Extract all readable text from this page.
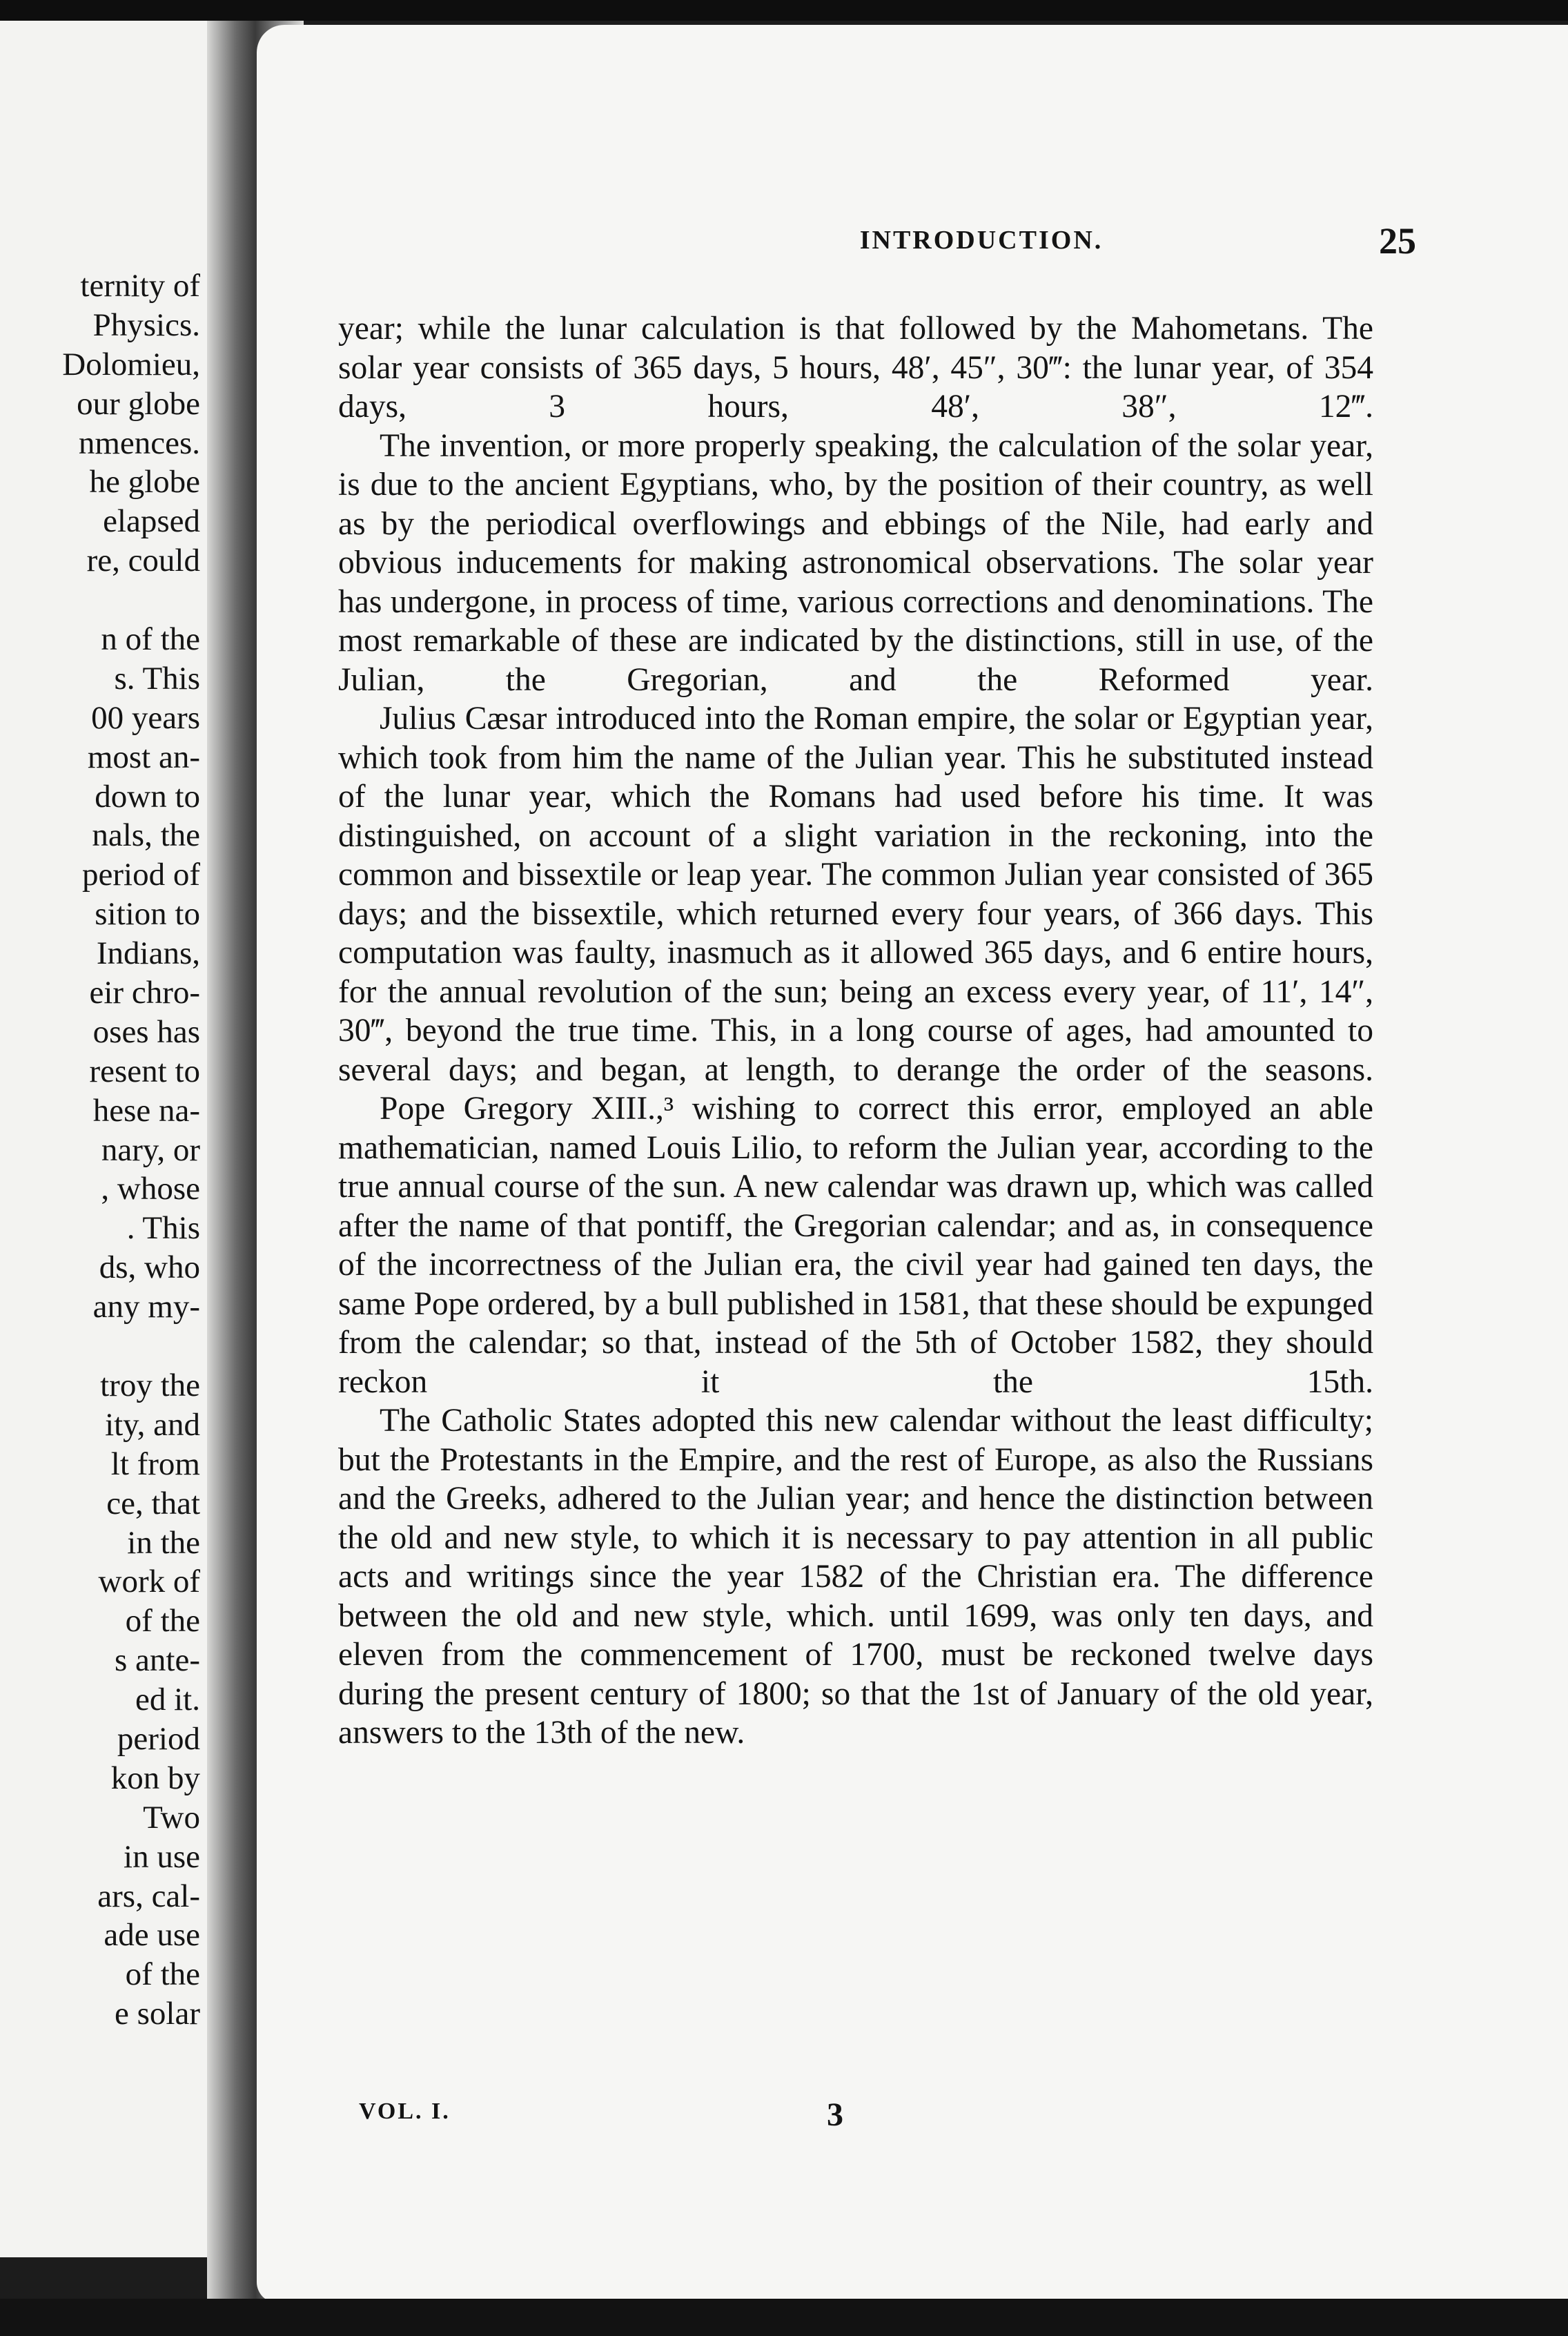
ternity of
Physics.
Dolomieu,
our globe
nmences.
he globe
elapsed
re, could
n of the
s. This
00 years
most an-
down to
nals, the
period of
sition to
Indians,
eir chro-
oses has
resent to
hese na-
nary, or
, whose
. This
ds, who
any my-
troy the
ity, and
lt from
ce, that
in the
work of
of the
s ante-
ed it.
period
kon by
Two
in use
ars, cal-
ade use
of the
e solar
INTRODUCTION.	25

year; while the lunar calculation is that followed by the Mahometans. The solar year consists of 365 days, 5 hours, 48′, 45″, 30‴: the lunar year, of 354 days, 3 hours, 48′, 38″, 12‴.

The invention, or more properly speaking, the calculation of the solar year, is due to the ancient Egyptians, who, by the position of their country, as well as by the periodical overflowings and ebbings of the Nile, had early and obvious inducements for making astronomical observations. The solar year has undergone, in process of time, various corrections and denominations. The most remarkable of these are indicated by the distinctions, still in use, of the Julian, the Gregorian, and the Reformed year.

Julius Cæsar introduced into the Roman empire, the solar or Egyptian year, which took from him the name of the Julian year. This he substituted instead of the lunar year, which the Romans had used before his time. It was distinguished, on account of a slight variation in the reckoning, into the common and bissextile or leap year. The common Julian year consisted of 365 days; and the bissextile, which returned every four years, of 366 days. This computation was faulty, inasmuch as it allowed 365 days, and 6 entire hours, for the annual revolution of the sun; being an excess every year, of 11′, 14″, 30‴, beyond the true time. This, in a long course of ages, had amounted to several days; and began, at length, to derange the order of the seasons.

Pope Gregory XIII.,³ wishing to correct this error, employed an able mathematician, named Louis Lilio, to reform the Julian year, according to the true annual course of the sun. A new calendar was drawn up, which was called after the name of that pontiff, the Gregorian calendar; and as, in consequence of the incorrectness of the Julian era, the civil year had gained ten days, the same Pope ordered, by a bull published in 1581, that these should be expunged from the calendar; so that, instead of the 5th of October 1582, they should reckon it the 15th.

The Catholic States adopted this new calendar without the least difficulty; but the Protestants in the Empire, and the rest of Europe, as also the Russians and the Greeks, adhered to the Julian year; and hence the distinction between the old and new style, to which it is necessary to pay attention in all public acts and writings since the year 1582 of the Christian era. The difference between the old and new style, which. until 1699, was only ten days, and eleven from the commencement of 1700, must be reckoned twelve days during the present century of 1800; so that the 1st of January of the old year, answers to the 13th of the new.

VOL. I.	3
